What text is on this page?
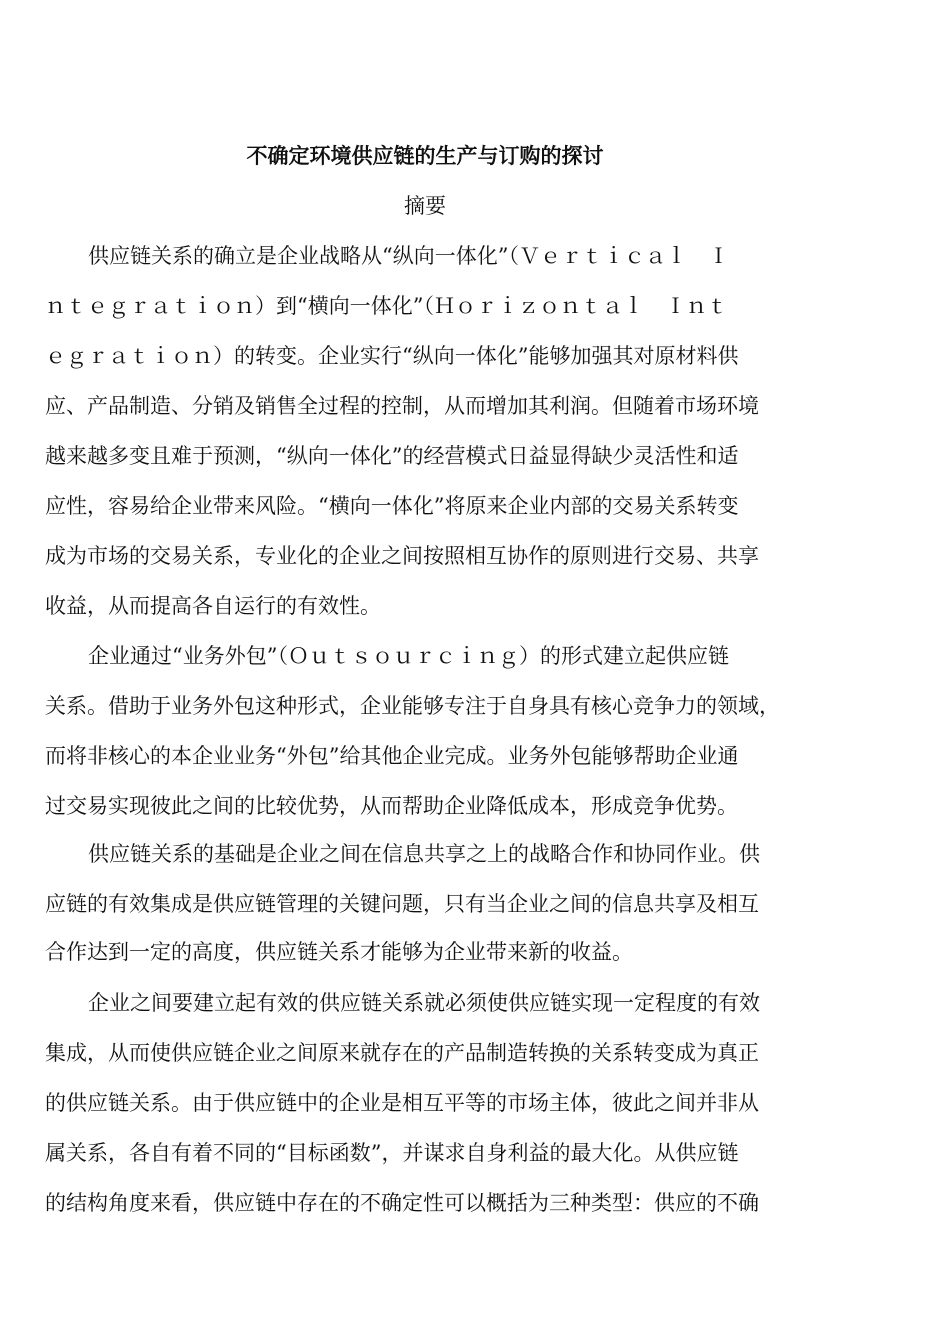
不确定环境供应链的生产与订购的探讨
摘要
供应链关系的确立是企业战略从“纵向一体化”（Ｖｅｒｔｉｃａｌ　Ｉ
ｎｔｅｇｒａｔｉｏｎ）到“横向一体化”（Ｈｏｒｉｚｏｎｔａｌ　Ｉｎｔ
ｅｇｒａｔｉｏｎ）的转变。企业实行“纵向一体化”能够加强其对原材料供
应、产品制造、分销及销售全过程的控制，从而增加其利润。但随着市场环境
越来越多变且难于预测，“纵向一体化”的经营模式日益显得缺少灵活性和适
应性，容易给企业带来风险。“横向一体化”将原来企业内部的交易关系转变
成为市场的交易关系，专业化的企业之间按照相互协作的原则进行交易、共享
收益，从而提高各自运行的有效性。
企业通过“业务外包”（Ｏｕｔｓｏｕｒｃｉｎｇ）的形式建立起供应链
关系。借助于业务外包这种形式，企业能够专注于自身具有核心竞争力的领域，
而将非核心的本企业业务“外包”给其他企业完成。业务外包能够帮助企业通
过交易实现彼此之间的比较优势，从而帮助企业降低成本，形成竞争优势。
供应链关系的基础是企业之间在信息共享之上的战略合作和协同作业。供
应链的有效集成是供应链管理的关键问题，只有当企业之间的信息共享及相互
合作达到一定的高度，供应链关系才能够为企业带来新的收益。
企业之间要建立起有效的供应链关系就必须使供应链实现一定程度的有效
集成，从而使供应链企业之间原来就存在的产品制造转换的关系转变成为真正
的供应链关系。由于供应链中的企业是相互平等的市场主体，彼此之间并非从
属关系，各自有着不同的“目标函数”，并谋求自身利益的最大化。从供应链
的结构角度来看，供应链中存在的不确定性可以概括为三种类型：供应的不确
